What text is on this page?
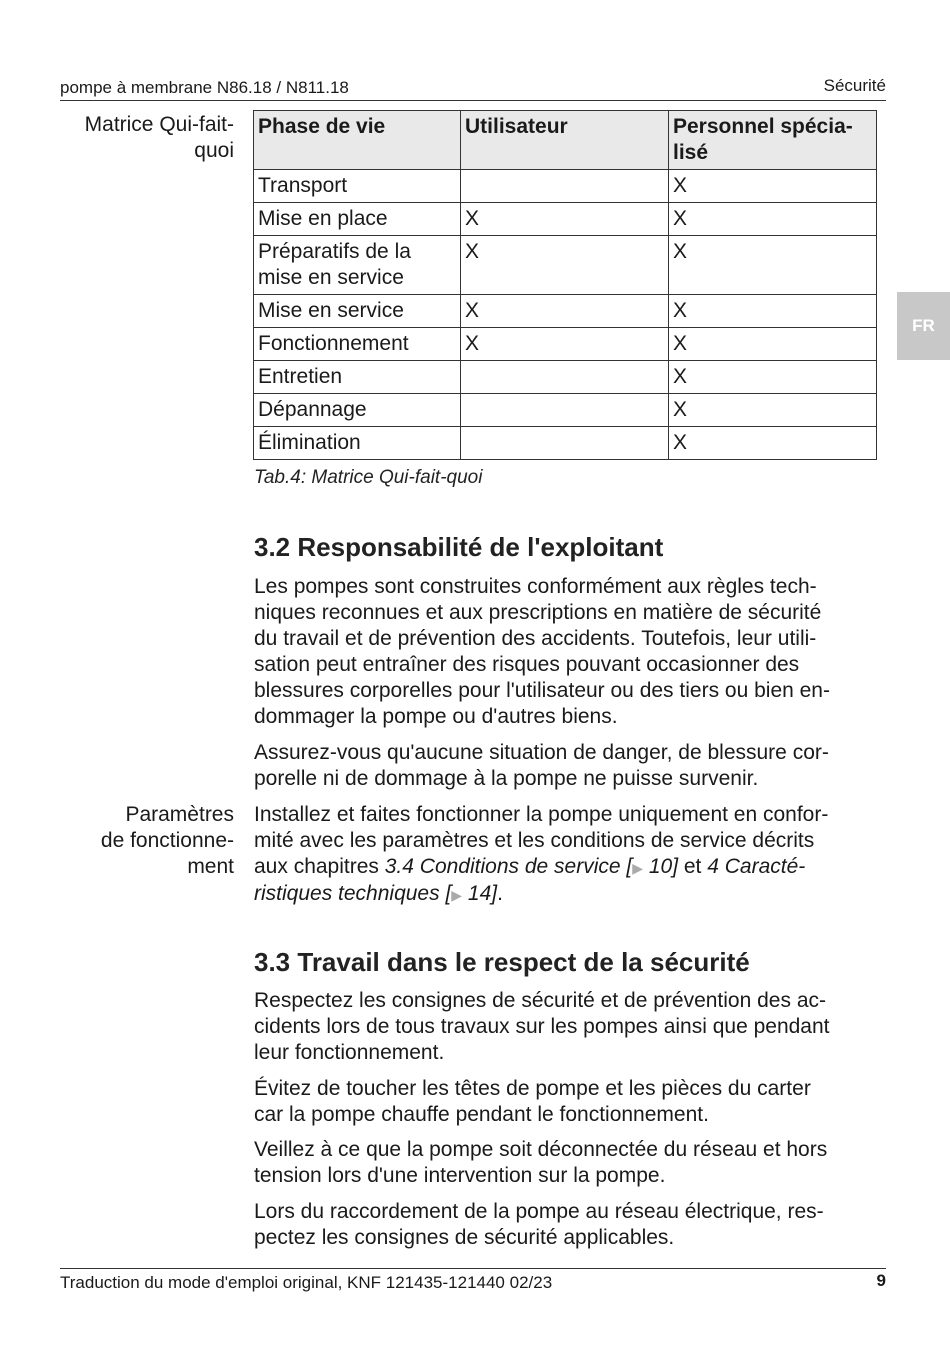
pompe à membrane N86.18 / N811.18	Sécurité
FR
Matrice Qui-fait-
quoi
Phase de vie	Utilisateur	Personnel spécia-
lisé
Transport		X
Mise en place	X	X
Préparatifs de la
mise en service	X	X
Mise en service	X	X
Fonctionnement	X	X
Entretien		X
Dépannage		X
Élimination		X
Tab.4: Matrice Qui-fait-quoi
3.2 Responsabilité de l'exploitant

Les pompes sont construites conformément aux règles tech-
niques reconnues et aux prescriptions en matière de sécurité
du travail et de prévention des accidents. Toutefois, leur utili-
sation peut entraîner des risques pouvant occasionner des
blessures corporelles pour l'utilisateur ou des tiers ou bien en-
dommager la pompe ou d'autres biens.

Assurez-vous qu'aucune situation de danger, de blessure cor-
porelle ni de dommage à la pompe ne puisse survenir.

Paramètres
de fonctionne-
ment

Installez et faites fonctionner la pompe uniquement en confor-
mité avec les paramètres et les conditions de service décrits
aux chapitres 3.4 Conditions de service [▶ 10] et 4 Caracté-
ristiques techniques [▶ 14].

3.3 Travail dans le respect de la sécurité

Respectez les consignes de sécurité et de prévention des ac-
cidents lors de tous travaux sur les pompes ainsi que pendant
leur fonctionnement.

Évitez de toucher les têtes de pompe et les pièces du carter
car la pompe chauffe pendant le fonctionnement.

Veillez à ce que la pompe soit déconnectée du réseau et hors
tension lors d'une intervention sur la pompe.

Lors du raccordement de la pompe au réseau électrique, res-
pectez les consignes de sécurité applicables.

Traduction du mode d'emploi original, KNF 121435-121440 02/23	9
